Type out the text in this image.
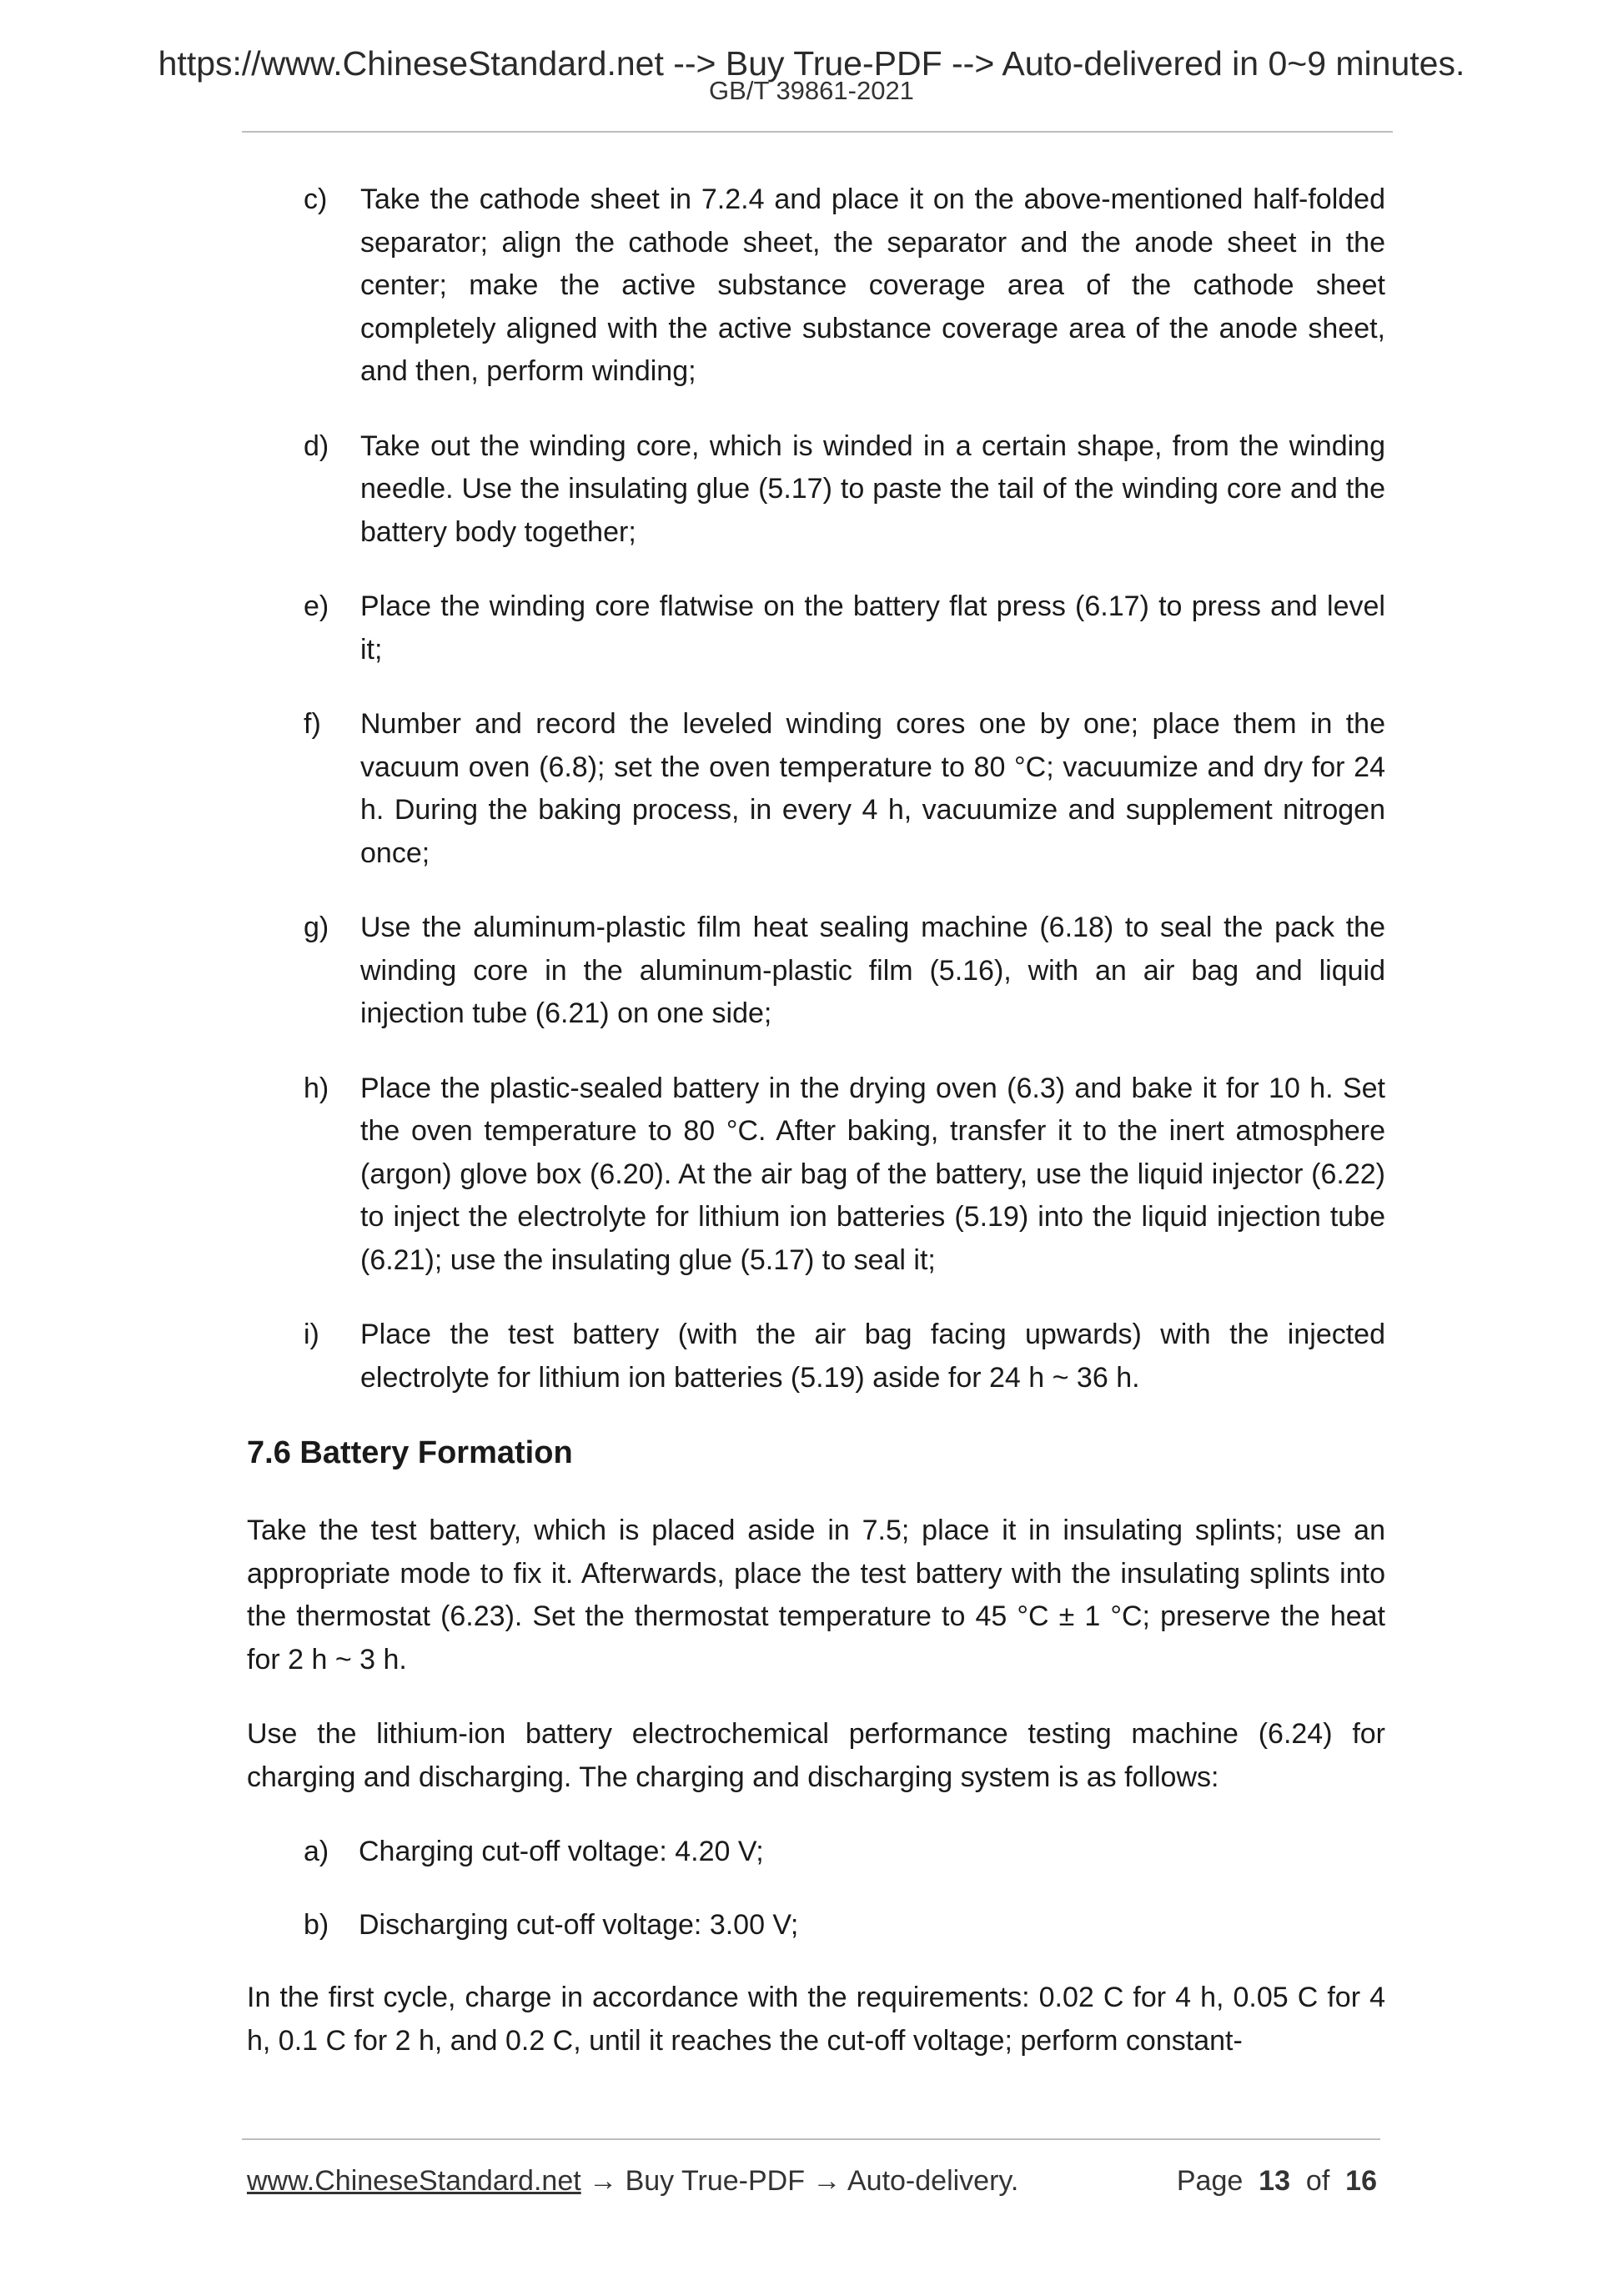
https://www.ChineseStandard.net --> Buy True-PDF --> Auto-delivered in 0~9 minutes.
GB/T 39861-2021
c)	Take the cathode sheet in 7.2.4 and place it on the above-mentioned half-folded separator; align the cathode sheet, the separator and the anode sheet in the center; make the active substance coverage area of the cathode sheet completely aligned with the active substance coverage area of the anode sheet, and then, perform winding;
d)	Take out the winding core, which is winded in a certain shape, from the winding needle. Use the insulating glue (5.17) to paste the tail of the winding core and the battery body together;
e)	Place the winding core flatwise on the battery flat press (6.17) to press and level it;
f)	Number and record the leveled winding cores one by one; place them in the vacuum oven (6.8); set the oven temperature to 80 °C; vacuumize and dry for 24 h. During the baking process, in every 4 h, vacuumize and supplement nitrogen once;
g)	Use the aluminum-plastic film heat sealing machine (6.18) to seal the pack the winding core in the aluminum-plastic film (5.16), with an air bag and liquid injection tube (6.21) on one side;
h)	Place the plastic-sealed battery in the drying oven (6.3) and bake it for 10 h. Set the oven temperature to 80 °C. After baking, transfer it to the inert atmosphere (argon) glove box (6.20). At the air bag of the battery, use the liquid injector (6.22) to inject the electrolyte for lithium ion batteries (5.19) into the liquid injection tube (6.21); use the insulating glue (5.17) to seal it;
i)	Place the test battery (with the air bag facing upwards) with the injected electrolyte for lithium ion batteries (5.19) aside for 24 h ~ 36 h.
7.6 Battery Formation
Take the test battery, which is placed aside in 7.5; place it in insulating splints; use an appropriate mode to fix it. Afterwards, place the test battery with the insulating splints into the thermostat (6.23). Set the thermostat temperature to 45 °C ± 1 °C; preserve the heat for 2 h ~ 3 h.
Use the lithium-ion battery electrochemical performance testing machine (6.24) for charging and discharging. The charging and discharging system is as follows:
a)	Charging cut-off voltage: 4.20 V;
b)	Discharging cut-off voltage: 3.00 V;
In the first cycle, charge in accordance with the requirements: 0.02 C for 4 h, 0.05 C for 4 h, 0.1 C for 2 h, and 0.2 C, until it reaches the cut-off voltage; perform constant-
www.ChineseStandard.net → Buy True-PDF → Auto-delivery.	Page 13 of 16
